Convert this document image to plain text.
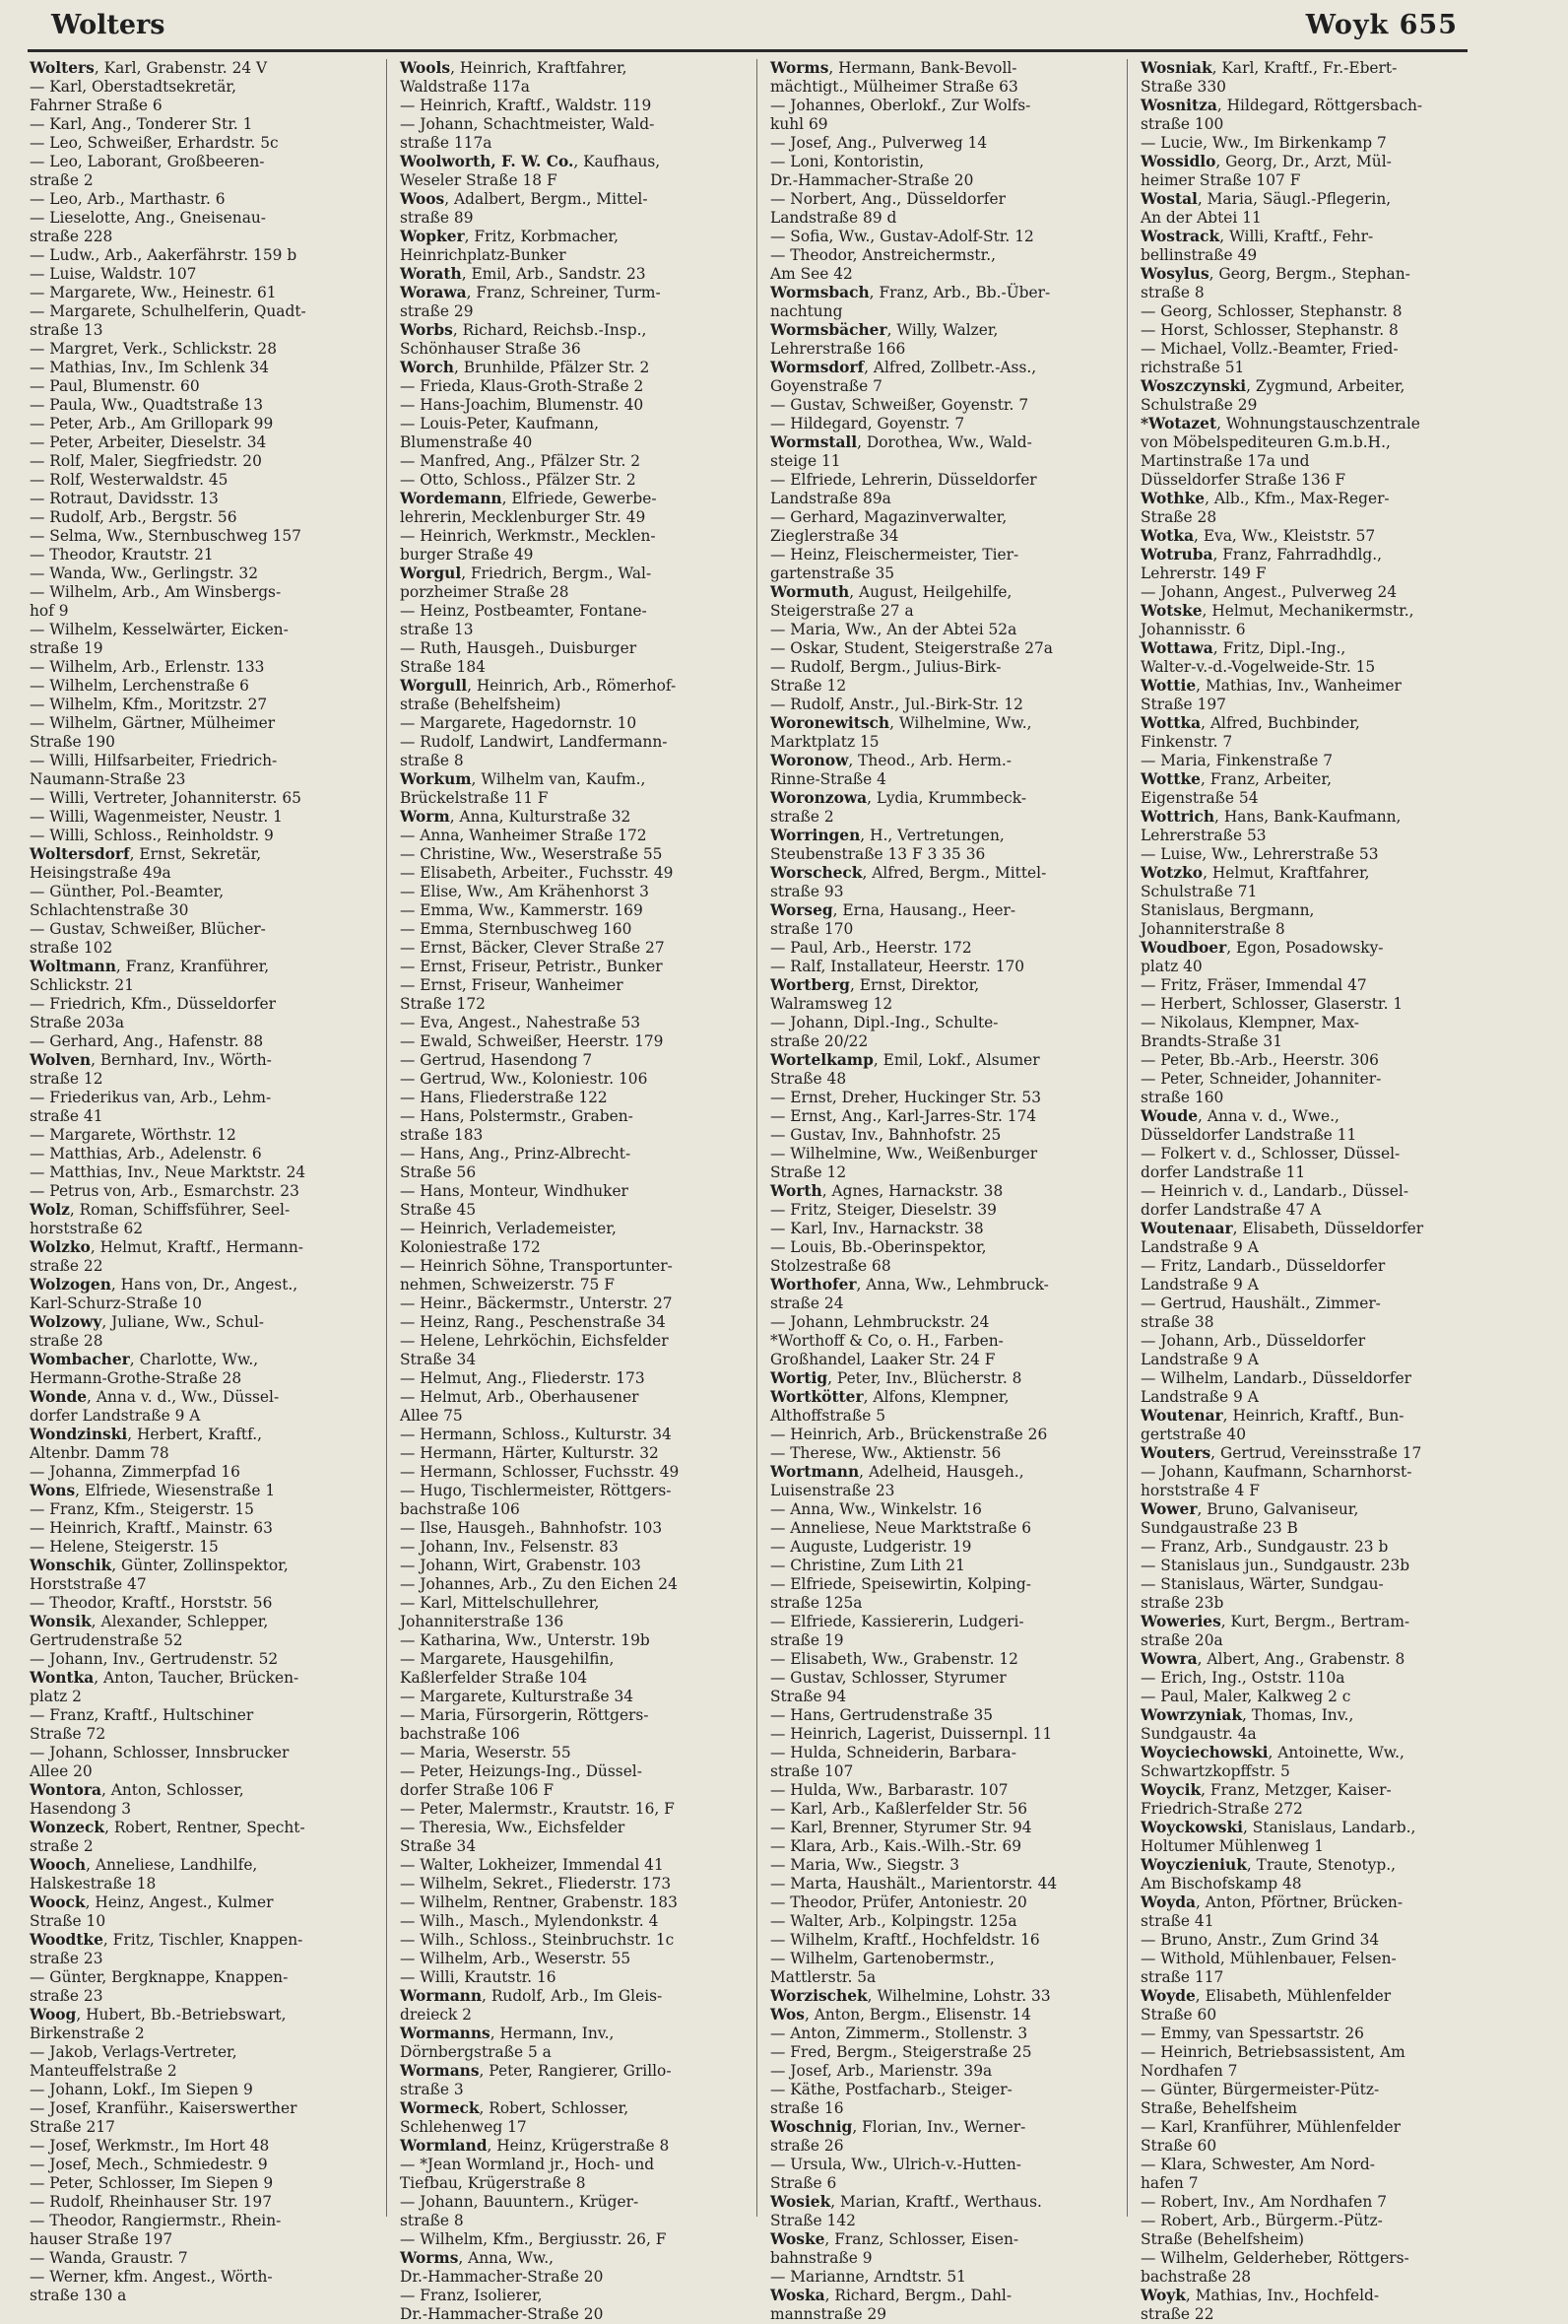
Wolters	Woyk 655
Wolters, Karl, Grabenstr. 24 V
— Karl, Oberstadtsekretär,
Fahrner Straße 6
— Karl, Ang., Tonderer Str. 1
— Leo, Schweißer, Erhardstr. 5c
— Leo, Laborant, Großbeeren-
straße 2
— Leo, Arb., Marthastr. 6
— Lieselotte, Ang., Gneisenau-
straße 228
— Ludw., Arb., Aakerfährstr. 159 b
— Luise, Waldstr. 107
— Margarete, Ww., Heinestr. 61
— Margarete, Schulhelferin, Quadt-
straße 13
— Margret, Verk., Schlickstr. 28
— Mathias, Inv., Im Schlenk 34
— Paul, Blumenstr. 60
— Paula, Ww., Quadtstraße 13
— Peter, Arb., Am Grillopark 99
— Peter, Arbeiter, Dieselstr. 34
— Rolf, Maler, Siegfriedstr. 20
— Rolf, Westerwaldstr. 45
— Rotraut, Davidsstr. 13
— Rudolf, Arb., Bergstr. 56
— Selma, Ww., Sternbuschweg 157
— Theodor, Krautstr. 21
— Wanda, Ww., Gerlingstr. 32
— Wilhelm, Arb., Am Winsbergs-
hof 9
— Wilhelm, Kesselwärter, Eicken-
straße 19
— Wilhelm, Arb., Erlenstr. 133
— Wilhelm, Lerchenstraße 6
— Wilhelm, Kfm., Moritzstr. 27
— Wilhelm, Gärtner, Mülheimer
Straße 190
— Willi, Hilfsarbeiter, Friedrich-
Naumann-Straße 23
— Willi, Vertreter, Johanniterstr. 65
— Willi, Wagenmeister, Neustr. 1
— Willi, Schloss., Reinholdstr. 9
Woltersdorf, Ernst, Sekretär,
Heisingstraße 49a
— Günther, Pol.-Beamter,
Schlachtenstraße 30
— Gustav, Schweißer, Blücher-
straße 102
Woltmann, Franz, Kranführer,
Schlickstr. 21
— Friedrich, Kfm., Düsseldorfer
Straße 203a
— Gerhard, Ang., Hafenstr. 88
Wolven, Bernhard, Inv., Wörth-
straße 12
— Friederikus van, Arb., Lehm-
straße 41
— Margarete, Wörthstr. 12
— Matthias, Arb., Adelenstr. 6
— Matthias, Inv., Neue Marktstr. 24
— Petrus von, Arb., Esmarchstr. 23
Wolz, Roman, Schiffsführer, Seel-
horststraße 62
Wolzko, Helmut, Kraftf., Hermann-
straße 22
Wolzogen, Hans von, Dr., Angest.,
Karl-Schurz-Straße 10
Wolzowy, Juliane, Ww., Schul-
straße 28
Wombacher, Charlotte, Ww.,
Hermann-Grothe-Straße 28
Wonde, Anna v. d., Ww., Düssel-
dorfer Landstraße 9 A
Wondzinski, Herbert, Kraftf.,
Altenbr. Damm 78
— Johanna, Zimmerpfad 16
Wons, Elfriede, Wiesenstraße 1
— Franz, Kfm., Steigerstr. 15
— Heinrich, Kraftf., Mainstr. 63
— Helene, Steigerstr. 15
Wonschik, Günter, Zollinspektor,
Horststraße 47
— Theodor, Kraftf., Horststr. 56
Wonsik, Alexander, Schlepper,
Gertrudenstraße 52
— Johann, Inv., Gertrudenstr. 52
Wontka, Anton, Taucher, Brücken-
platz 2
— Franz, Kraftf., Hultschiner
Straße 72
— Johann, Schlosser, Innsbrucker
Allee 20
Wontora, Anton, Schlosser,
Hasendong 3
Wonzeck, Robert, Rentner, Specht-
straße 2
Wooch, Anneliese, Landhilfe,
Halskestraße 18
Woock, Heinz, Angest., Kulmer
Straße 10
Woodtke, Fritz, Tischler, Knappen-
straße 23
— Günter, Bergknappe, Knappen-
straße 23
Woog, Hubert, Bb.-Betriebswart,
Birkenstraße 2
— Jakob, Verlags-Vertreter,
Manteuffelstraße 2
— Johann, Lokf., Im Siepen 9
— Josef, Kranführ., Kaiserswerther
Straße 217
— Josef, Werkmstr., Im Hort 48
— Josef, Mech., Schmiedestr. 9
— Peter, Schlosser, Im Siepen 9
— Rudolf, Rheinhauser Str. 197
— Theodor, Rangiermstr., Rhein-
hauser Straße 197
— Wanda, Graustr. 7
— Werner, kfm. Angest., Wörth-
straße 130 a
Wools, Heinrich, Kraftfahrer,
Waldstraße 117a
— Heinrich, Kraftf., Waldstr. 119
— Johann, Schachtmeister, Wald-
straße 117a
Woolworth, F. W. Co., Kaufhaus,
Weseler Straße 18 F
Woos, Adalbert, Bergm., Mittel-
straße 89
Wopker, Fritz, Korbmacher,
Heinrichplatz-Bunker
Worath, Emil, Arb., Sandstr. 23
Worawa, Franz, Schreiner, Turm-
straße 29
Worbs, Richard, Reichsb.-Insp.,
Schönhauser Straße 36
Worch, Brunhilde, Pfälzer Str. 2
— Frieda, Klaus-Groth-Straße 2
— Hans-Joachim, Blumenstr. 40
— Louis-Peter, Kaufmann,
Blumenstraße 40
— Manfred, Ang., Pfälzer Str. 2
— Otto, Schloss., Pfälzer Str. 2
Wordemann, Elfriede, Gewerbe-
lehrerin, Mecklenburger Str. 49
— Heinrich, Werkmstr., Mecklen-
burger Straße 49
Worgul, Friedrich, Bergm., Wal-
porzheimer Straße 28
— Heinz, Postbeamter, Fontane-
straße 13
— Ruth, Hausgeh., Duisburger
Straße 184
Worgull, Heinrich, Arb., Römerhof-
straße (Behelfsheim)
— Margarete, Hagedornstr. 10
— Rudolf, Landwirt, Landfermann-
straße 8
Workum, Wilhelm van, Kaufm.,
Brückelstraße 11 F
Worm, Anna, Kulturstraße 32
— Anna, Wanheimer Straße 172
— Christine, Ww., Weserstraße 55
— Elisabeth, Arbeiter., Fuchsstr. 49
— Elise, Ww., Am Krähenhorst 3
— Emma, Ww., Kammerstr. 169
— Emma, Sternbuschweg 160
— Ernst, Bäcker, Clever Straße 27
— Ernst, Friseur, Petristr., Bunker
— Ernst, Friseur, Wanheimer
Straße 172
— Eva, Angest., Nahestraße 53
— Ewald, Schweißer, Heerstr. 179
— Gertrud, Hasendong 7
— Gertrud, Ww., Koloniestr. 106
— Hans, Fliederstraße 122
— Hans, Polstermstr., Graben-
straße 183
— Hans, Ang., Prinz-Albrecht-
Straße 56
— Hans, Monteur, Windhuker
Straße 45
— Heinrich, Verlademeister,
Koloniestraße 172
— Heinrich Söhne, Transportunter-
nehmen, Schweizerstr. 75 F
— Heinr., Bäckermstr., Unterstr. 27
— Heinz, Rang., Peschenstraße 34
— Helene, Lehrköchin, Eichsfelder
Straße 34
— Helmut, Ang., Fliederstr. 173
— Helmut, Arb., Oberhausener
Allee 75
— Hermann, Schloss., Kulturstr. 34
— Hermann, Härter, Kulturstr. 32
— Hermann, Schlosser, Fuchsstr. 49
— Hugo, Tischlermeister, Röttgers-
bachstraße 106
— Ilse, Hausgeh., Bahnhofstr. 103
— Johann, Inv., Felsenstr. 83
— Johann, Wirt, Grabenstr. 103
— Johannes, Arb., Zu den Eichen 24
— Karl, Mittelschullehrer,
Johanniterstraße 136
— Katharina, Ww., Unterstr. 19b
— Margarete, Hausgehilfin,
Kaßlerfelder Straße 104
— Margarete, Kulturstraße 34
— Maria, Fürsorgerin, Röttgers-
bachstraße 106
— Maria, Weserstr. 55
— Peter, Heizungs-Ing., Düssel-
dorfer Straße 106 F
— Peter, Malermstr., Krautstr. 16, F
— Theresia, Ww., Eichsfelder
Straße 34
— Walter, Lokheizer, Immendal 41
— Wilhelm, Sekret., Fliederstr. 173
— Wilhelm, Rentner, Grabenstr. 183
— Wilh., Masch., Mylendonkstr. 4
— Wilh., Schloss., Steinbruchstr. 1c
— Wilhelm, Arb., Weserstr. 55
— Willi, Krautstr. 16
Wormann, Rudolf, Arb., Im Gleis-
dreieck 2
Wormanns, Hermann, Inv.,
Dörnbergstraße 5 a
Wormans, Peter, Rangierer, Grillo-
straße 3
Wormeck, Robert, Schlosser,
Schlehenweg 17
Wormland, Heinz, Krügerstraße 8
— *Jean Wormland jr., Hoch- und
Tiefbau, Krügerstraße 8
— Johann, Bauuntern., Krüger-
straße 8
— Wilhelm, Kfm., Bergiusstr. 26, F
Worms, Anna, Ww.,
Dr.-Hammacher-Straße 20
— Franz, Isolierer,
Dr.-Hammacher-Straße 20
Worms, Hermann, Bank-Bevoll-
mächtigt., Mülheimer Straße 63
— Johannes, Oberlokf., Zur Wolfs-
kuhl 69
— Josef, Ang., Pulverweg 14
— Loni, Kontoristin,
Dr.-Hammacher-Straße 20
— Norbert, Ang., Düsseldorfer
Landstraße 89 d
— Sofia, Ww., Gustav-Adolf-Str. 12
— Theodor, Anstreichermstr.,
Am See 42
Wormsbach, Franz, Arb., Bb.-Über-
nachtung
Wormsbächer, Willy, Walzer,
Lehrerstraße 166
Wormsdorf, Alfred, Zollbetr.-Ass.,
Goyenstraße 7
— Gustav, Schweißer, Goyenstr. 7
— Hildegard, Goyenstr. 7
Wormstall, Dorothea, Ww., Wald-
steige 11
— Elfriede, Lehrerin, Düsseldorfer
Landstraße 89a
— Gerhard, Magazinverwalter,
Zieglerstraße 34
— Heinz, Fleischermeister, Tier-
gartenstraße 35
Wormuth, August, Heilgehilfe,
Steigerstraße 27 a
— Maria, Ww., An der Abtei 52a
— Oskar, Student, Steigerstraße 27a
— Rudolf, Bergm., Julius-Birk-
Straße 12
— Rudolf, Anstr., Jul.-Birk-Str. 12
Woronewitsch, Wilhelmine, Ww.,
Marktplatz 15
Woronow, Theod., Arb. Herm.-
Rinne-Straße 4
Woronzowa, Lydia, Krummbeck-
straße 2
Worringen, H., Vertretungen,
Steubenstraße 13 F 3 35 36
Worscheck, Alfred, Bergm., Mittel-
straße 93
Worseg, Erna, Hausang., Heer-
straße 170
— Paul, Arb., Heerstr. 172
— Ralf, Installateur, Heerstr. 170
Wortberg, Ernst, Direktor,
Walramsweg 12
— Johann, Dipl.-Ing., Schulte-
straße 20/22
Wortelkamp, Emil, Lokf., Alsumer
Straße 48
— Ernst, Dreher, Huckinger Str. 53
— Ernst, Ang., Karl-Jarres-Str. 174
— Gustav, Inv., Bahnhofstr. 25
— Wilhelmine, Ww., Weißenburger
Straße 12
Worth, Agnes, Harnackstr. 38
— Fritz, Steiger, Dieselstr. 39
— Karl, Inv., Harnackstr. 38
— Louis, Bb.-Oberinspektor,
Stolzestraße 68
Worthofer, Anna, Ww., Lehmbruck-
straße 24
— Johann, Lehmbruckstr. 24
*Worthoff & Co, o. H., Farben-
Großhandel, Laaker Str. 24 F
Wortig, Peter, Inv., Blücherstr. 8
Wortkötter, Alfons, Klempner,
Althoffstraße 5
— Heinrich, Arb., Brückenstraße 26
— Therese, Ww., Aktienstr. 56
Wortmann, Adelheid, Hausgeh.,
Luisenstraße 23
— Anna, Ww., Winkelstr. 16
— Anneliese, Neue Marktstraße 6
— Auguste, Ludgeristr. 19
— Christine, Zum Lith 21
— Elfriede, Speisewirtin, Kolping-
straße 125a
— Elfriede, Kassiererin, Ludgeri-
straße 19
— Elisabeth, Ww., Grabenstr. 12
— Gustav, Schlosser, Styrumer
Straße 94
— Hans, Gertrudenstraße 35
— Heinrich, Lagerist, Duissernpl. 11
— Hulda, Schneiderin, Barbara-
straße 107
— Hulda, Ww., Barbarastr. 107
— Karl, Arb., Kaßlerfelder Str. 56
— Karl, Brenner, Styrumer Str. 94
— Klara, Arb., Kais.-Wilh.-Str. 69
— Maria, Ww., Siegstr. 3
— Marta, Haushält., Marientorstr. 44
— Theodor, Prüfer, Antoniestr. 20
— Walter, Arb., Kolpingstr. 125a
— Wilhelm, Kraftf., Hochfeldstr. 16
— Wilhelm, Gartenobermstr.,
Mattlerstr. 5a
Worzischek, Wilhelmine, Lohstr. 33
Wos, Anton, Bergm., Elisenstr. 14
— Anton, Zimmerm., Stollenstr. 3
— Fred, Bergm., Steigerstraße 25
— Josef, Arb., Marienstr. 39a
— Käthe, Postfacharb., Steiger-
straße 16
Woschnig, Florian, Inv., Werner-
straße 26
— Ursula, Ww., Ulrich-v.-Hutten-
Straße 6
Wosiek, Marian, Kraftf., Werthaus.
Straße 142
Woske, Franz, Schlosser, Eisen-
bahnstraße 9
— Marianne, Arndtstr. 51
Woska, Richard, Bergm., Dahl-
mannstraße 29
Wosniak, Karl, Kraftf., Fr.-Ebert-
Straße 330
Wosnitza, Hildegard, Röttgersbach-
straße 100
— Lucie, Ww., Im Birkenkamp 7
Wossidlo, Georg, Dr., Arzt, Mül-
heimer Straße 107 F
Wostal, Maria, Säugl.-Pflegerin,
An der Abtei 11
Wostrack, Willi, Kraftf., Fehr-
bellinstraße 49
Wosylus, Georg, Bergm., Stephan-
straße 8
— Georg, Schlosser, Stephanstr. 8
— Horst, Schlosser, Stephanstr. 8
— Michael, Vollz.-Beamter, Fried-
richstraße 51
Woszczynski, Zygmund, Arbeiter,
Schulstraße 29
*Wotazet, Wohnungstauschzentrale
von Möbelspediteuren G.m.b.H.,
Martinstraße 17a und
Düsseldorfer Straße 136 F
Wothke, Alb., Kfm., Max-Reger-
Straße 28
Wotka, Eva, Ww., Kleiststr. 57
Wotruba, Franz, Fahrradhdlg.,
Lehrerstr. 149 F
— Johann, Angest., Pulverweg 24
Wotske, Helmut, Mechanikermstr.,
Johannisstr. 6
Wottawa, Fritz, Dipl.-Ing.,
Walter-v.-d.-Vogelweide-Str. 15
Wottie, Mathias, Inv., Wanheimer
Straße 197
Wottka, Alfred, Buchbinder,
Finkenstr. 7
— Maria, Finkenstraße 7
Wottke, Franz, Arbeiter,
Eigenstraße 54
Wottrich, Hans, Bank-Kaufmann,
Lehrerstraße 53
— Luise, Ww., Lehrerstraße 53
Wotzko, Helmut, Kraftfahrer,
Schulstraße 71
Stanislaus, Bergmann,
Johanniterstraße 8
Woudboer, Egon, Posadowsky-
platz 40
— Fritz, Fräser, Immendal 47
— Herbert, Schlosser, Glaserstr. 1
— Nikolaus, Klempner, Max-
Brandts-Straße 31
— Peter, Bb.-Arb., Heerstr. 306
— Peter, Schneider, Johanniter-
straße 160
Woude, Anna v. d., Wwe.,
Düsseldorfer Landstraße 11
— Folkert v. d., Schlosser, Düssel-
dorfer Landstraße 11
— Heinrich v. d., Landarb., Düssel-
dorfer Landstraße 47 A
Woutenaar, Elisabeth, Düsseldorfer
Landstraße 9 A
— Fritz, Landarb., Düsseldorfer
Landstraße 9 A
— Gertrud, Haushält., Zimmer-
straße 38
— Johann, Arb., Düsseldorfer
Landstraße 9 A
— Wilhelm, Landarb., Düsseldorfer
Landstraße 9 A
Woutenar, Heinrich, Kraftf., Bun-
gertstraße 40
Wouters, Gertrud, Vereinsstraße 17
— Johann, Kaufmann, Scharnhorst-
horststraße 4 F
Wower, Bruno, Galvaniseur,
Sundgaustraße 23 B
— Franz, Arb., Sundgaustr. 23 b
— Stanislaus jun., Sundgaustr. 23b
— Stanislaus, Wärter, Sundgau-
straße 23b
Woweries, Kurt, Bergm., Bertram-
straße 20a
Wowra, Albert, Ang., Grabenstr. 8
— Erich, Ing., Oststr. 110a
— Paul, Maler, Kalkweg 2 c
Wowrzyniak, Thomas, Inv.,
Sundgaustr. 4a
Woyciechowski, Antoinette, Ww.,
Schwartzkopffstr. 5
Woycik, Franz, Metzger, Kaiser-
Friedrich-Straße 272
Woyckowski, Stanislaus, Landarb.,
Holtumer Mühlenweg 1
Woyczieniuk, Traute, Stenotyp.,
Am Bischofskamp 48
Woyda, Anton, Pförtner, Brücken-
straße 41
— Bruno, Anstr., Zum Grind 34
— Withold, Mühlenbauer, Felsen-
straße 117
Woyde, Elisabeth, Mühlenfelder
Straße 60
— Emmy, van Spessartstr. 26
— Heinrich, Betriebsassistent, Am
Nordhafen 7
— Günter, Bürgermeister-Pütz-
Straße, Behelfsheim
— Karl, Kranführer, Mühlenfelder
Straße 60
— Klara, Schwester, Am Nord-
hafen 7
— Robert, Inv., Am Nordhafen 7
— Robert, Arb., Bürgerm.-Pütz-
Straße (Behelfsheim)
— Wilhelm, Gelderheber, Röttgers-
bachstraße 28
Woyk, Mathias, Inv., Hochfeld-
straße 22
